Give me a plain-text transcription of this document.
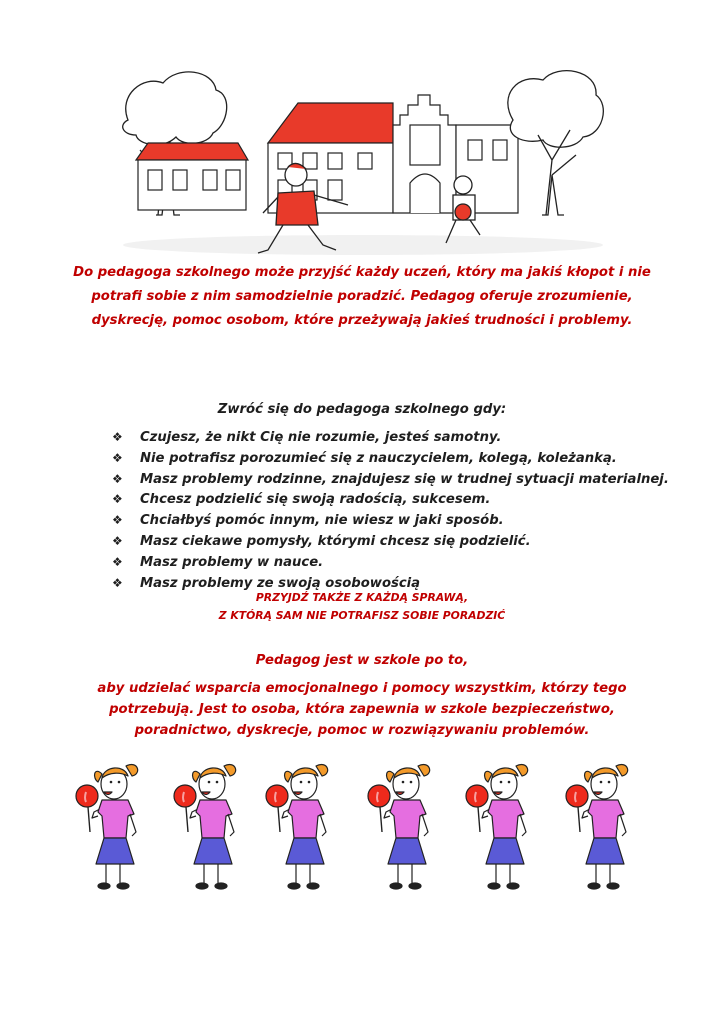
Do pedagoga szkolnego może przyjść każdy uczeń, który ma jakiś kłopot i nie
potrafi sobie z nim samodzielnie poradzić. Pedagog oferuje zrozumienie,
dyskrecję, pomoc osobom, które przeżywają jakieś trudności i problemy.
Zwróć się do pedagoga szkolnego gdy:
❖ Czujesz, że nikt Cię nie rozumie, jesteś samotny.
❖ Nie potrafisz porozumieć się z nauczycielem, kolegą, koleżanką.
❖ Masz problemy rodzinne, znajdujesz się w trudnej sytuacji materialnej.
❖ Chcesz podzielić się swoją radością, sukcesem.
❖ Chciałbyś pomóc innym, nie wiesz w jaki sposób.
❖ Masz ciekawe pomysły, którymi chcesz się podzielić.
❖ Masz problemy w nauce.
❖ Masz problemy ze swoją osobowością
PRZYJDŹ TAKŻE Z KAŻDĄ SPRAWĄ,
Z KTÓRĄ SAM NIE POTRAFISZ SOBIE PORADZIĆ
Pedagog jest w szkole po to,
aby udzielać wsparcia emocjonalnego i pomocy wszystkim, którzy tego
potrzebują. Jest to osoba, która zapewnia w szkole bezpieczeństwo,
poradnictwo, dyskrecje, pomoc w rozwiązywaniu problemów.
